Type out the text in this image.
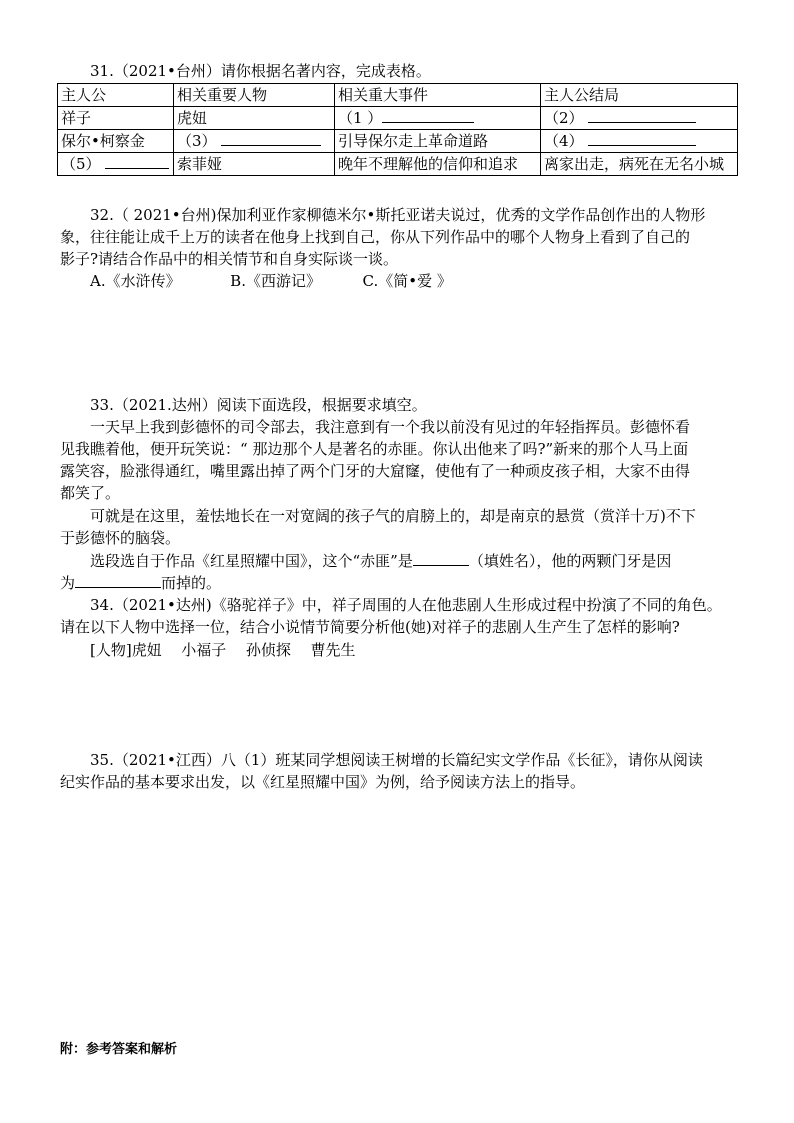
31.（2021•台州）请你根据名著内容，完成表格。
主人公	相关重要人物	相关重大事件	主人公结局
祥子	虎妞	（1 ）	（2）
保尔•柯察金	（3）	引导保尔走上革命道路	（4）
（5）	索菲娅	晚年不理解他的信仰和追求	离家出走，病死在无名小城
32.（ 2021•台州)保加利亚作家柳德米尔•斯托亚诺夫说过，优秀的文学作品创作出的人物形
象，往往能让成千上万的读者在他身上找到自己，你从下列作品中的哪个人物身上看到了自己的
影子?请结合作品中的相关情节和自身实际谈一谈。
A.《水浒传》	B.《西游记》	C.《简•爱 》
33.（2021.达州）阅读下面选段，根据要求填空。
一天早上我到彭德怀的司令部去，我注意到有一个我以前没有见过的年轻指挥员。彭德怀看
见我瞧着他，便开玩笑说：“ 那边那个人是著名的赤匪。你认出他来了吗?”新来的那个人马上面
露笑容，脸涨得通红，嘴里露出掉了两个门牙的大窟窿，使他有了一种顽皮孩子相，大家不由得
都笑了。
可就是在这里，羞怯地长在一对宽阔的孩子气的肩膀上的，却是南京的悬赏（赏洋十万)不下
于彭德怀的脑袋。
选段选自于作品《红星照耀中国》，这个“赤匪”是	（填姓名），他的两颗门牙是因
为	而掉的。
34.（2021•达州)《骆驼祥子》中，祥子周围的人在他悲剧人生形成过程中扮演了不同的角色。
请在以下人物中选择一位，结合小说情节简要分析他(她)对祥子的悲剧人生产生了怎样的影响?
[人物]虎妞 小福子 孙侦探 曹先生
35.（2021•江西）八（1）班某同学想阅读王树增的长篇纪实文学作品《长征》，请你从阅读
纪实作品的基本要求出发，以《红星照耀中国》为例，给予阅读方法上的指导。
附：参考答案和解析
